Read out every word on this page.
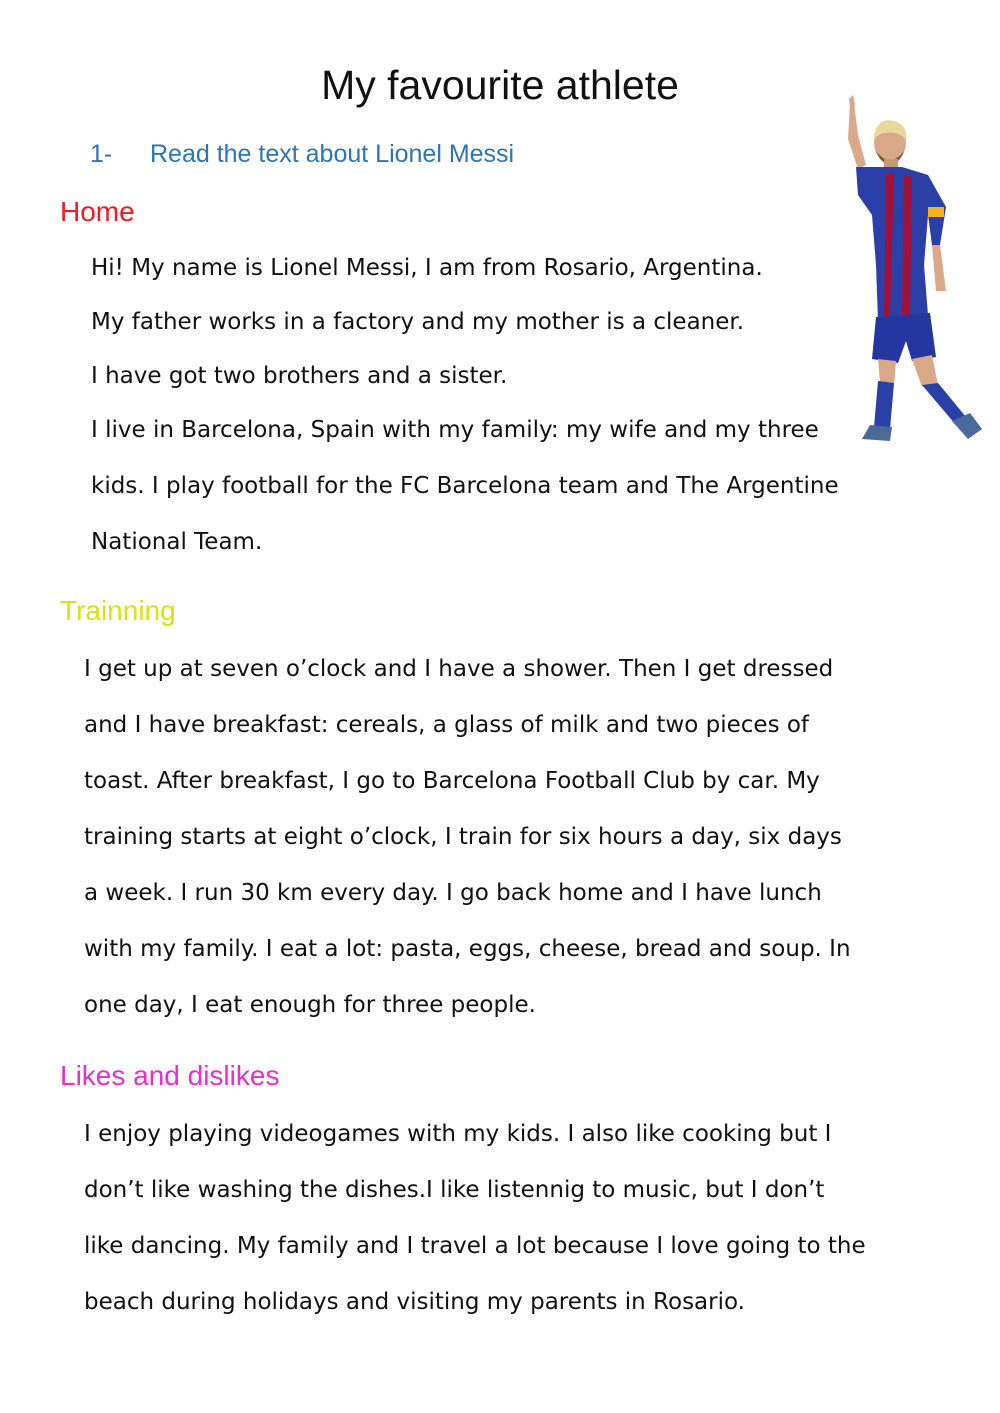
My favourite athlete
1- Read the text about Lionel Messi
Home
Hi! My name is Lionel Messi, I am from Rosario, Argentina.
My father works in a factory and my mother is a cleaner.
I have got two brothers and a sister.
I live in Barcelona, Spain with my family: my wife and my three
kids. I play football for the FC Barcelona team and The Argentine
National Team.
Trainning
I get up at seven o’clock and I have a shower. Then I get dressed
and I have breakfast: cereals, a glass of milk and two pieces of
toast. After breakfast, I go to Barcelona Football Club by car. My
training starts at eight o’clock, I train for six hours a day, six days
a week. I run 30 km every day. I go back home and I have lunch
with my family. I eat a lot: pasta, eggs, cheese, bread and soup. In
one day, I eat enough for three people.
Likes and dislikes
I enjoy playing videogames with my kids. I also like cooking but I
don’t like washing the dishes.I like listennig to music, but I don’t
like dancing. My family and I travel a lot because I love going to the
beach during holidays and visiting my parents in Rosario.
